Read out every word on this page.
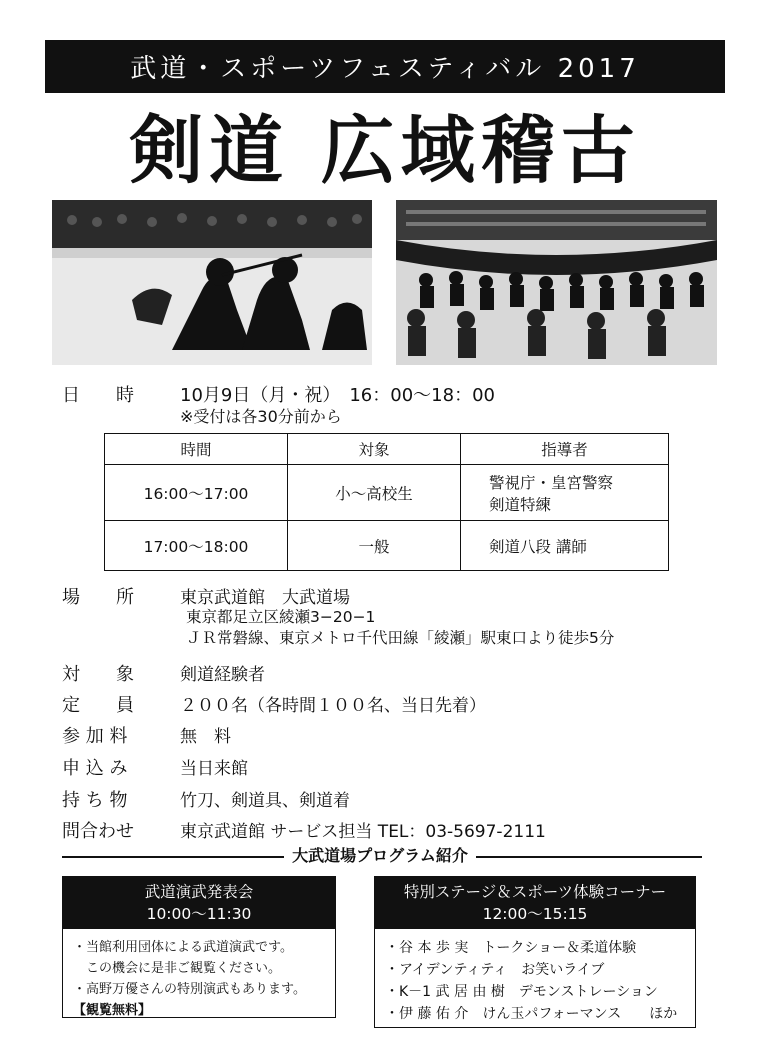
武道・スポーツフェスティバル 2017
剣道 広域稽古
日　　時	10月9日（月・祝）　16：00～18：00
※受付は各30分前から
時間	対象	指導者
16:00～17:00	小～高校生	警視庁・皇宮警察
剣道特練

17:00～18:00	一般	剣道八段 講師
場　　所	東京武道館　大武道場
東京都足立区綾瀬3−20−1
ＪＲ常磐線、東京メトロ千代田線「綾瀬」駅東口より徒歩5分
対　　象	剣道経験者
定　　員	２００名（各時間１００名、当日先着）
参 加 料	無　料
申 込 み	当日来館
持 ち 物	竹刀、剣道具、剣道着
問合わせ	東京武道館 サービス担当 TEL：03-5697-2111
大武道場プログラム紹介
武道演武発表会
10:00～11:30
・当館利用団体による武道演武です。
　この機会に是非ご観覧ください。
・高野万優さんの特別演武もあります。
【観覧無料】
特別ステージ＆スポーツ体験コーナー
12:00～15:15
・谷 本 歩 実　トークショー＆柔道体験
・アイデンティティ　お笑いライブ
・K－1 武 居 由 樹　デモンストレーション
・伊 藤 佑 介　けん玉パフォーマンス　　ほか
